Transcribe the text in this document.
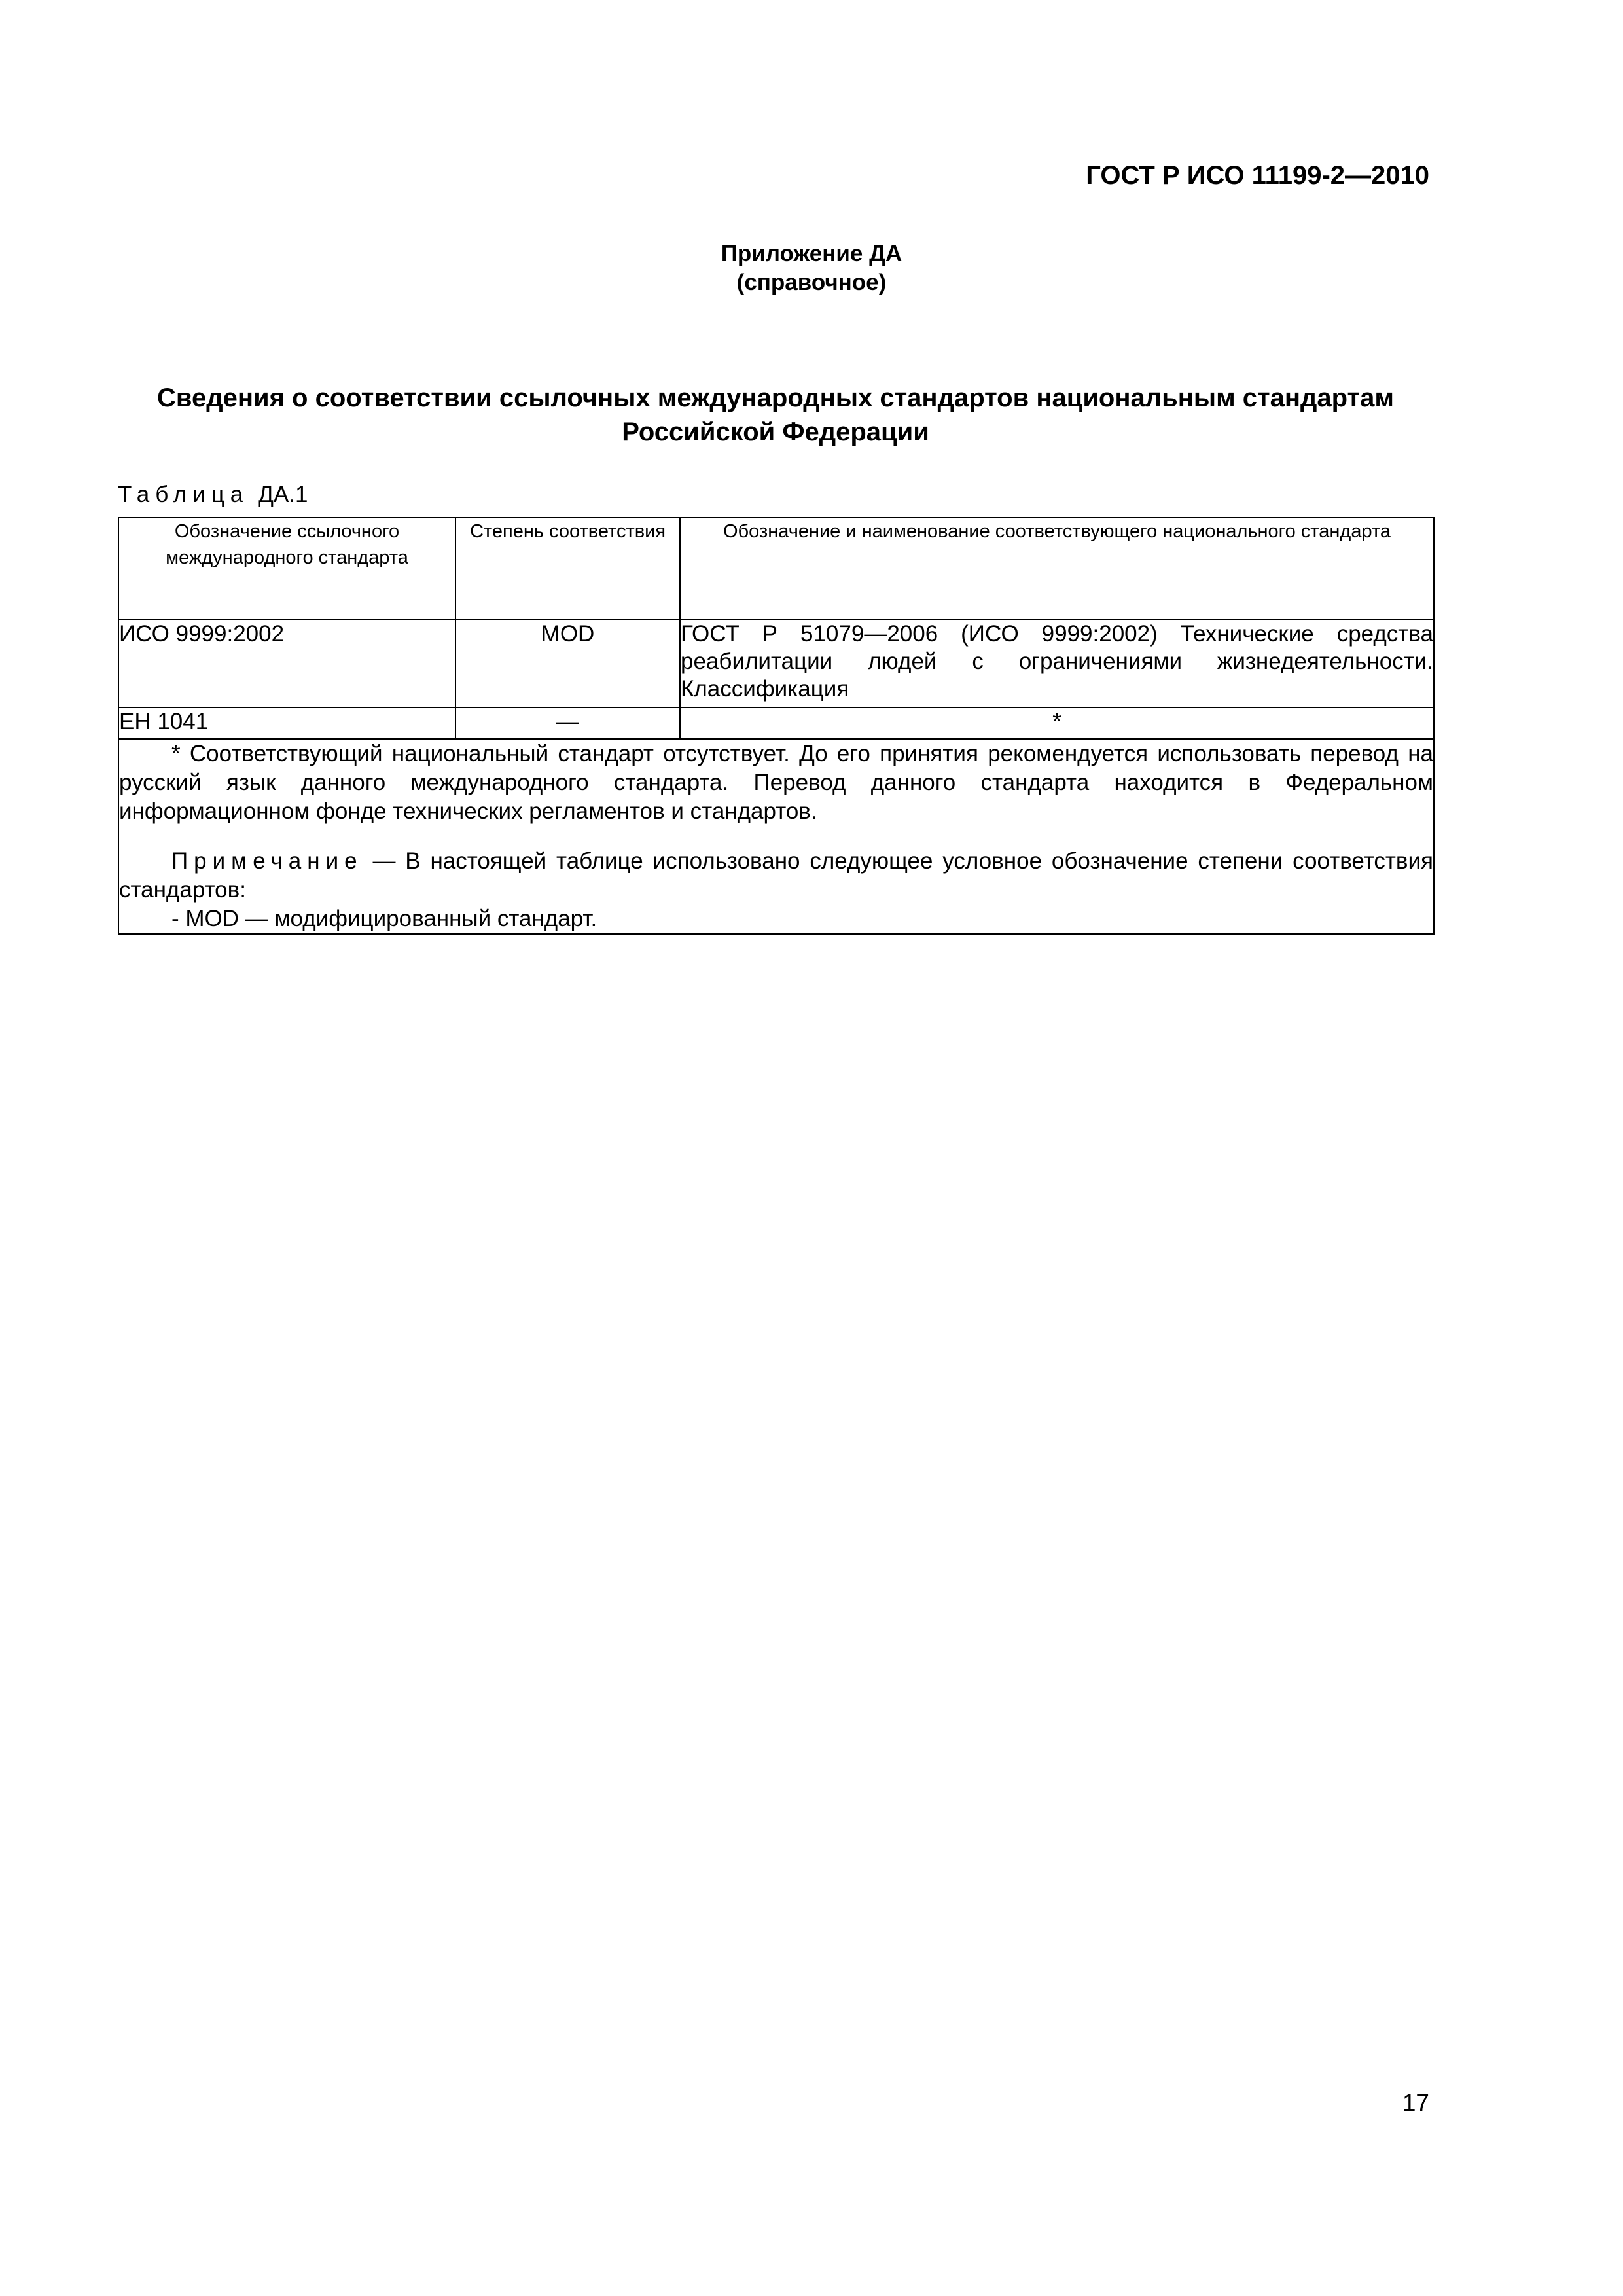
ГОСТ Р ИСО 11199-2—2010
Приложение ДА
(справочное)
Сведения о соответствии ссылочных международных стандартов национальным стандартам
Российской Федерации
Таблица ДА.1
Обозначение ссылочного международного стандарта	Степень соответствия	Обозначение и наименование соответствующего национального стандарта
ИСО 9999:2002	MOD	ГОСТ Р 51079—2006 (ИСО 9999:2002) Технические средства реабилитации людей с ограничениями жизнедеятельности. Классификация
ЕН 1041	—	*

* Соответствующий национальный стандарт отсутствует. До его принятия рекомендуется использовать перевод на русский язык данного международного стандарта. Перевод данного стандарта находится в Федеральном информационном фонде технических регламентов и стандартов.
Примечание — В настоящей таблице использовано следующее условное обозначение степени соответствия стандартов:
- MOD — модифицированный стандарт.		
17
